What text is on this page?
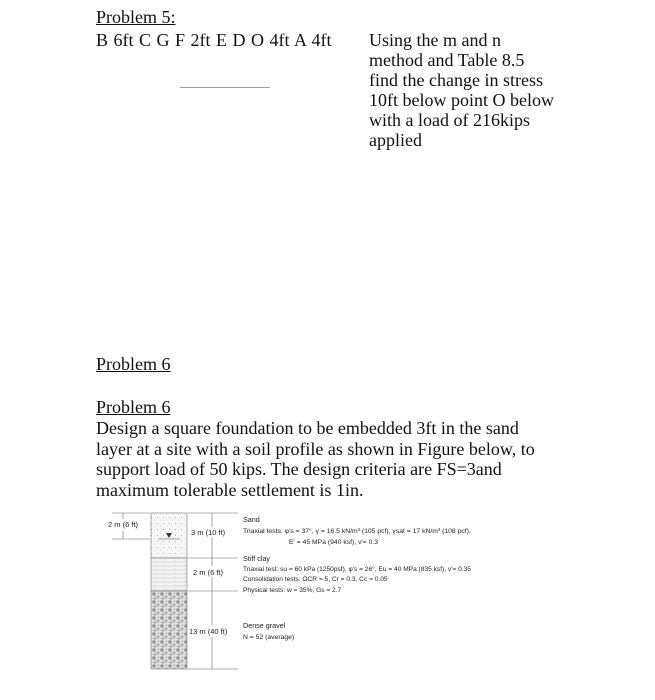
Problem 5:
B 6ft C G F 2ft E D O 4ft A 4ft Using the m and n
method and Table 8.5
find the change in stress
10ft below point O below
with a load of 216kips
applied
Problem 6
Problem 6
Design a square foundation to be embedded 3ft in the sand
layer at a site with a soil profile as shown in Figure below, to
support load of 50 kips. The design criteria are FS=3and
maximum tolerable settlement is 1in.
2 m (6 ft)
3 m (10 ft)
2 m (6 ft)
13 m (40 ft)
Sand
Triaxial tests: φ′s = 37°, γ = 16.5 kN/m³ (105 pcf), γsat = 17 kN/m³ (108 pcf),
E′ = 45 MPa (940 ksf), ν′= 0.3
Stiff clay
Triaxial test: su = 60 kPa (1250psf), φ′s = 26°, Eu = 40 MPa (835 ksf), ν′= 0.35
Consolidation tests: OCR = 5, Cr = 0.3, Cc = 0.05
Physical tests: w = 35%, Gs = 2.7
Dense gravel
N = 52 (average)
